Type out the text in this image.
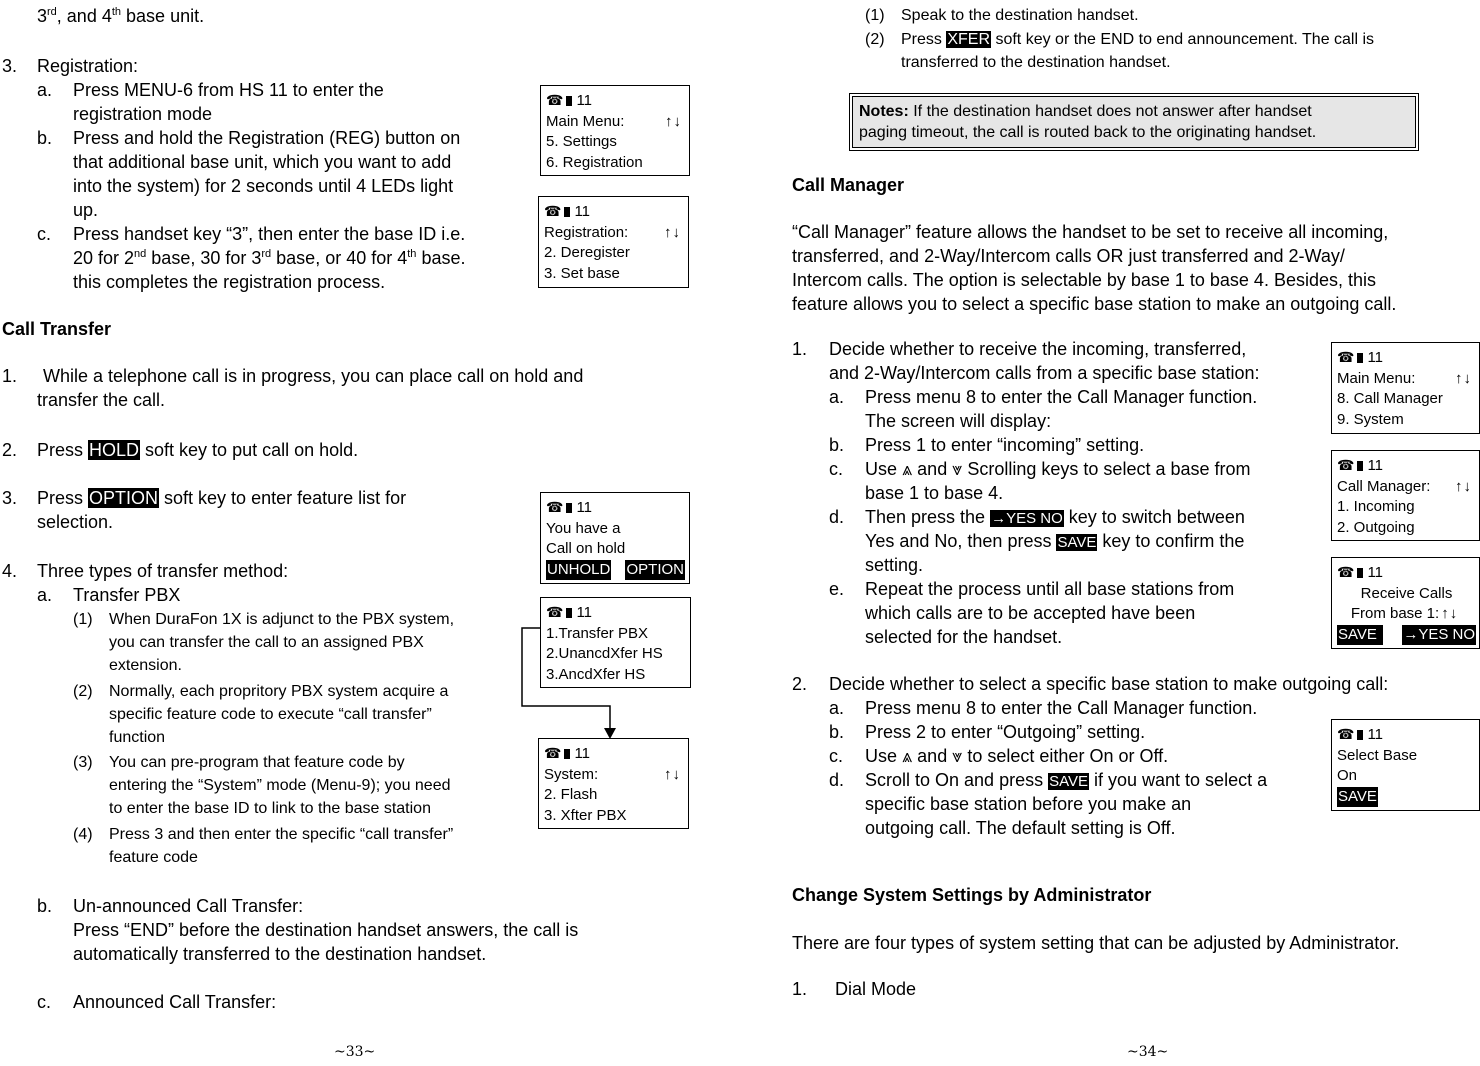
3rd, and 4th base unit.
3. Registration:
a. Press MENU-6 from HS 11 to enter the
registration mode
b. Press and hold the Registration (REG) button on
that additional base unit, which you want to add
into the system) for 2 seconds until 4 LEDs light
up.
c. Press handset key “3”, then enter the base ID i.e.
20 for 2nd base, 30 for 3rd base, or 40 for 4th base.
this completes the registration process.
Call Transfer
1. While a telephone call is in progress, you can place call on hold and
transfer the call.
2. Press HOLD soft key to put call on hold.
3. Press OPTION soft key to enter feature list for
selection.
4. Three types of transfer method:
a. Transfer PBX
(1) When DuraFon 1X is adjunct to the PBX system,
you can transfer the call to an assigned PBX
extension.
(2) Normally, each propritory PBX system acquire a
specific feature code to execute “call transfer”
function
(3) You can pre-program that feature code by
entering the “System” mode (Menu-9); you need
to enter the base ID to link to the base station
(4) Press 3 and then enter the specific “call transfer”
feature code
b. Un-announced Call Transfer:
Press “END” before the destination handset answers, the call is
automatically transferred to the destination handset.
c. Announced Call Transfer:
~33~
☎ 11
Main Menu:	↑↓
5. Settings
6. Registration
☎ 11
Registration: ↑↓
2. Deregister
3. Set base
☎ 11
You have a
Call on hold
UNHOLD OPTION
☎ 11
1.Transfer PBX
2.UnancdXfer HS
3.AncdXfer HS
☎ 11
System:	↑↓
2. Flash
3. Xfter PBX
(1) Speak to the destination handset.
(2) Press XFER soft key or the END to end announcement. The call is
transferred to the destination handset.
Notes: If the destination handset does not answer after handset
paging timeout, the call is routed back to the originating handset.
Call Manager
“Call Manager” feature allows the handset to be set to receive all incoming,
transferred, and 2-Way/Intercom calls OR just transferred and 2-Way/
Intercom calls. The option is selectable by base 1 to base 4. Besides, this
feature allows you to select a specific base station to make an outgoing call.
1. Decide whether to receive the incoming, transferred,
and 2-Way/Intercom calls from a specific base station:
a. Press menu 8 to enter the Call Manager function.
The screen will display:
b. Press 1 to enter “incoming” setting.
c. Use ⩓ and ⩔ Scrolling keys to select a base from
base 1 to base 4.
d. Then press the →YES NO key to switch between
Yes and No, then press SAVE key to confirm the
setting.
e. Repeat the process until all base stations from
which calls are to be accepted have been
selected for the handset.
2. Decide whether to select a specific base station to make outgoing call:
a. Press menu 8 to enter the Call Manager function.
b. Press 2 to enter “Outgoing” setting.
c. Use ⩓ and ⩔ to select either On or Off.
d. Scroll to On and press SAVE if you want to select a
specific base station before you make an
outgoing call. The default setting is Off.
Change System Settings by Administrator
There are four types of system setting that can be adjusted by Administrator.
1. Dial Mode
~34~
☎ 11
Main Menu:	↑↓
8. Call Manager
9. System
☎ 11
Call Manager: ↑↓
1. Incoming
2. Outgoing
☎ 11
Receive Calls
From base 1: ↑↓
SAVE	→YES NO
☎ 11
Select Base
On
SAVE
